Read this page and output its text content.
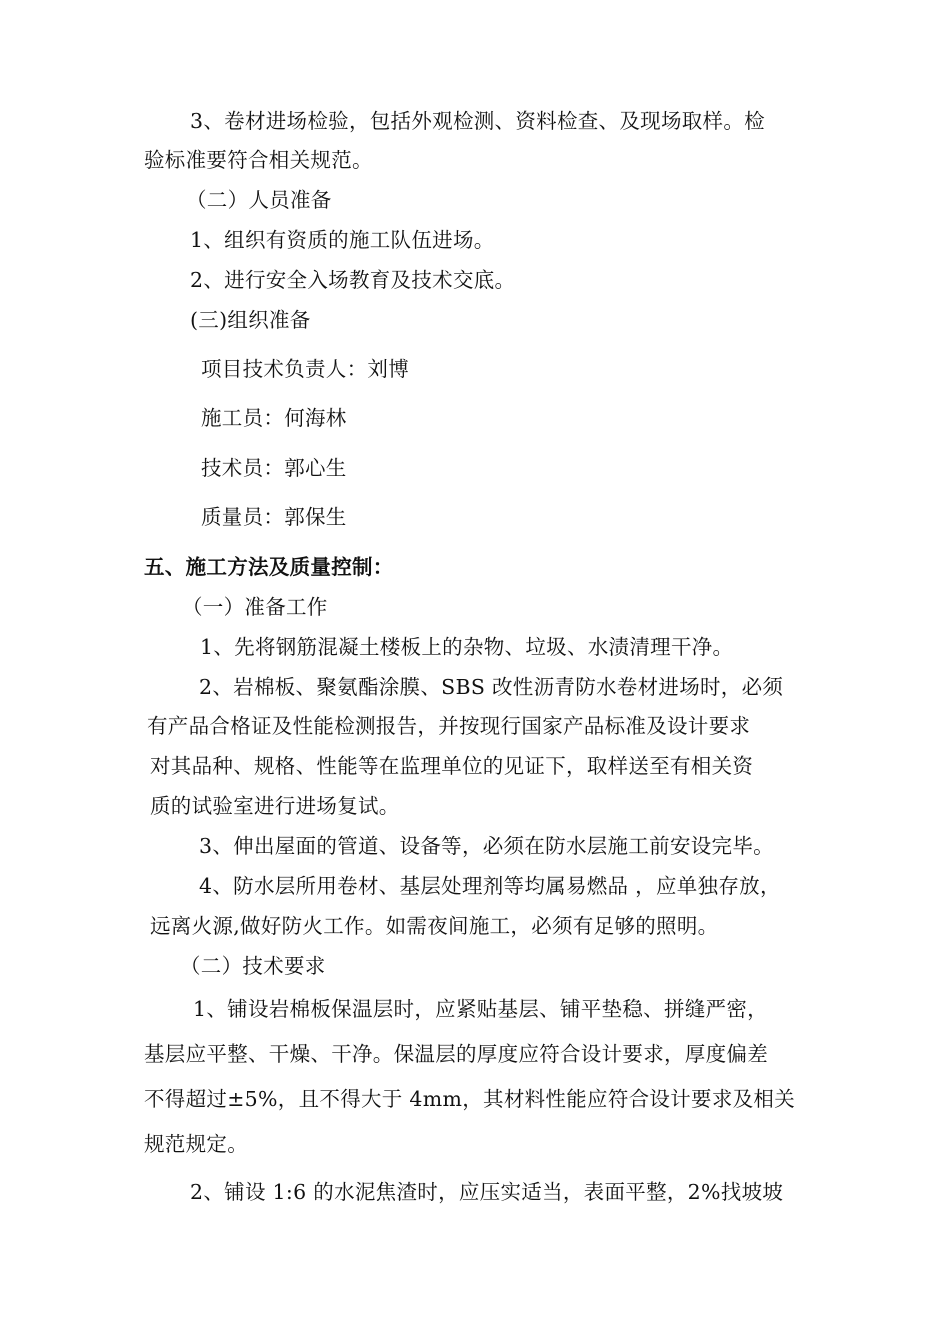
3、卷材进场检验，包括外观检测、资料检查、及现场取样。检
验标准要符合相关规范。
（二）人员准备
1、组织有资质的施工队伍进场。
2、进行安全入场教育及技术交底。
(三)组织准备
项目技术负责人：刘博
施工员：何海林
技术员：郭心生
质量员：郭保生
五、施工方法及质量控制：
（一）准备工作
1、先将钢筋混凝土楼板上的杂物、垃圾、水渍清理干净。
2、岩棉板、聚氨酯涂膜、SBS 改性沥青防水卷材进场时，必须
有产品合格证及性能检测报告，并按现行国家产品标准及设计要求
对其品种、规格、性能等在监理单位的见证下，取样送至有相关资
质的试验室进行进场复试。
3、伸出屋面的管道、设备等，必须在防水层施工前安设完毕。
4、防水层所用卷材、基层处理剂等均属易燃品 ，应单独存放，
远离火源,做好防火工作。如需夜间施工，必须有足够的照明。
（二）技术要求
1、铺设岩棉板保温层时，应紧贴基层、铺平垫稳、拼缝严密，
基层应平整、干燥、干净。保温层的厚度应符合设计要求，厚度偏差
不得超过±5%，且不得大于 4mm，其材料性能应符合设计要求及相关
规范规定。
2、铺设 1:6 的水泥焦渣时，应压实适当，表面平整，2%找坡坡
